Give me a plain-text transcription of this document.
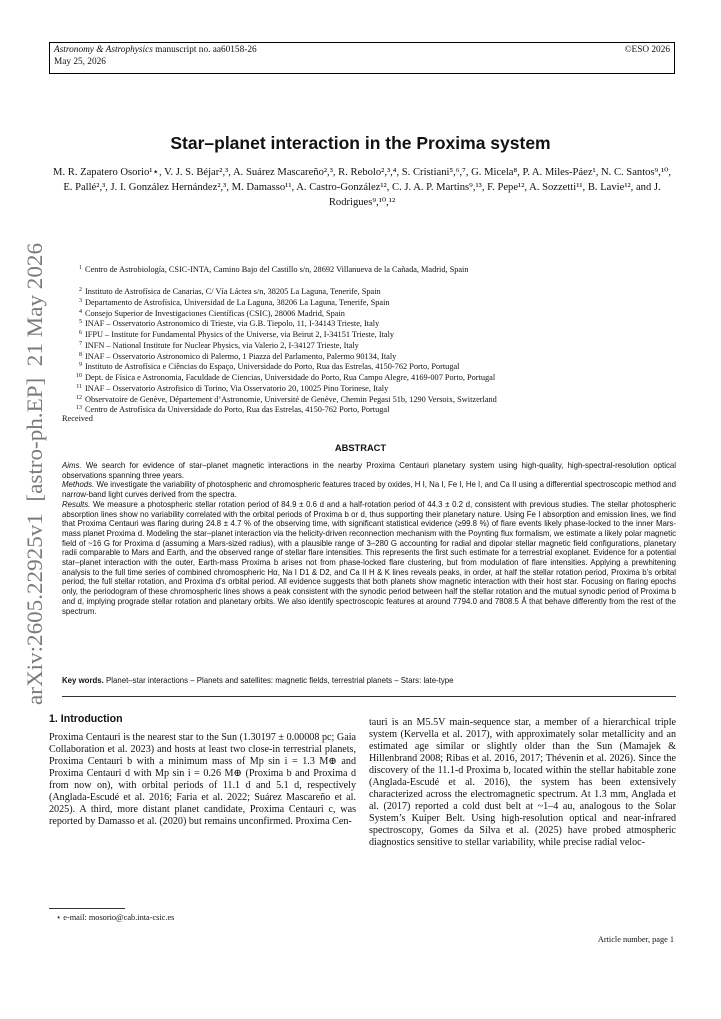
Astronomy & Astrophysics manuscript no. aa60158-26
May 25, 2026
©ESO 2026
arXiv:2605.22925v1  [astro-ph.EP]  21 May 2026
Star–planet interaction in the Proxima system
M. R. Zapatero Osorio¹⋆, V. J. S. Béjar²,³, A. Suárez Mascareño²,³, R. Rebolo²,³,⁴, S. Cristiani⁵,⁶,⁷, G. Micela⁸, P. A. Miles-Páez¹, N. C. Santos⁹,¹⁰, E. Pallé²,³, J. I. González Hernández²,³, M. Damasso¹¹, A. Castro-González¹², C. J. A. P. Martins⁹,¹³, F. Pepe¹², A. Sozzetti¹¹, B. Lavie¹², and J. Rodrigues⁹,¹⁰,¹²
$^1$ Centro de Astrobiología, CSIC-INTA, Camino Bajo del Castillo s/n, 28692 Villanueva de la Cañada, Madrid, Spain
$^2$ Instituto de Astrofísica de Canarias, C/ Vía Láctea s/n, 38205 La Laguna, Tenerife, Spain
$^3$ Departamento de Astrofísica, Universidad de La Laguna, 38206 La Laguna, Tenerife, Spain
$^4$ Consejo Superior de Investigaciones Científicas (CSIC), 28006 Madrid, Spain
$^5$ INAF – Osservatorio Astronomico di Trieste, via G.B. Tiepolo, 11, I-34143 Trieste, Italy
$^6$ IFPU – Institute for Fundamental Physics of the Universe, via Beirut 2, I-34151 Trieste, Italy
$^7$ INFN – National Institute for Nuclear Physics, via Valerio 2, I-34127 Trieste, Italy
$^8$ INAF – Osservatorio Astronomico di Palermo, 1 Piazza del Parlamento, Palermo 90134, Italy
$^9$ Instituto de Astrofísica e Ciências do Espaço, Universidade do Porto, Rua das Estrelas, 4150-762 Porto, Portugal
$^{10}$ Dept. de Física e Astronomia, Faculdade de Ciencias, Universidade do Porto, Rua Campo Alegre, 4169-007 Porto, Portugal
$^{11}$ INAF – Osservatorio Astrofisico di Torino, Via Osservatorio 20, 10025 Pino Torinese, Italy
$^{12}$ Observatoire de Genève, Département d’Astronomie, Université de Genève, Chemin Pegasi 51b, 1290 Versoix, Switzerland
$^{13}$ Centro de Astrofísica da Universidade do Porto, Rua das Estrelas, 4150-762 Porto, Portugal
Received
ABSTRACT

Aims. We search for evidence of star–planet magnetic interactions in the nearby Proxima Centauri planetary system using high-quality, high-spectral-resolution optical observations spanning three years.

Methods. We investigate the variability of photospheric and chromospheric features traced by oxides, H I, Na I, Fe I, He I, and Ca II using a differential spectroscopic method and narrow-band light curves derived from the spectra.

Results. We measure a photospheric stellar rotation period of 84.9 ± 0.6 d and a half-rotation period of 44.3 ± 0.2 d, consistent with previous studies. The stellar photospheric absorption lines show no variability correlated with the orbital periods of Proxima b or d, thus supporting their planetary nature. Using Fe I absorption and emission lines, we find that Proxima Centauri was flaring during 24.8 ± 4.7 % of the observing time, with significant statistical evidence (≥99.8 %) of flare events likely phase-locked to the inner Mars-mass planet Proxima d. Modeling the star–planet interaction via the helicity-driven reconnection mechanism with the Poynting flux formalism, we estimate a likely polar magnetic field of ~16 G for Proxima d (assuming a Mars-sized radius), with a plausible range of 3–280 G accounting for radial and dipolar stellar magnetic field configurations, planetary radii comparable to Mars and Earth, and the observed range of stellar flare intensities. This represents the first such estimate for a terrestrial exoplanet. Evidence for a potential star–planet interaction with the outer, Earth-mass Proxima b arises not from phase-locked flare clustering, but from modulation of flare intensities. Applying a prewhitening analysis to the full time series of combined chromospheric Hα, Na I D1 & D2, and Ca II H & K lines reveals peaks, in order, at half the stellar rotation period, Proxima b’s orbital period, the full stellar rotation, and Proxima d’s orbital period. All evidence suggests that both planets show magnetic interaction with their host star. Focusing on flaring epochs only, the periodogram of these chromospheric lines shows a peak consistent with the synodic period between half the stellar rotation and the mutual synodic period of Proxima b and d, implying prograde stellar rotation and planetary orbits. We also identify spectroscopic features at around 7794.0 and 7808.5 Å that behave differently from the rest of the spectrum.

Key words. Planet–star interactions – Planets and satellites: magnetic fields, terrestrial planets – Stars: late-type
1. Introduction

Proxima Centauri is the nearest star to the Sun (1.30197 ± 0.00008 pc; Gaia Collaboration et al. 2023) and hosts at least two close-in terrestrial planets, Proxima Centauri b with a minimum mass of Mp sin i = 1.3 M⊕ and Proxima Centauri d with Mp sin i = 0.26 M⊕ (Proxima b and Proxima d from now on), with orbital periods of 11.1 d and 5.1 d, respectively (Anglada-Escudé et al. 2016; Faria et al. 2022; Suárez Mascareño et al. 2025). A third, more distant planet candidate, Proxima Centauri c, was reported by Damasso et al. (2020) but remains unconfirmed. Proxima Cen-

tauri is an M5.5V main-sequence star, a member of a hierarchical triple system (Kervella et al. 2017), with approximately solar metallicity and an estimated age similar or slightly older than the Sun (Mamajek & Hillenbrand 2008; Ribas et al. 2016, 2017; Thévenin et al. 2026). Since the discovery of the 11.1-d Proxima b, located within the stellar habitable zone (Anglada-Escudé et al. 2016), the system has been extensively characterized across the electromagnetic spectrum. At 1.3 mm, Anglada et al. (2017) reported a cold dust belt at ~1–4 au, analogous to the Solar System’s Kuiper Belt. Using high-resolution optical and near-infrared spectroscopy, Gomes da Silva et al. (2025) have probed atmospheric diagnostics sensitive to stellar variability, while precise radial veloc-

⋆ e-mail: mosorio@cab.inta-csic.es
Article number, page 1
